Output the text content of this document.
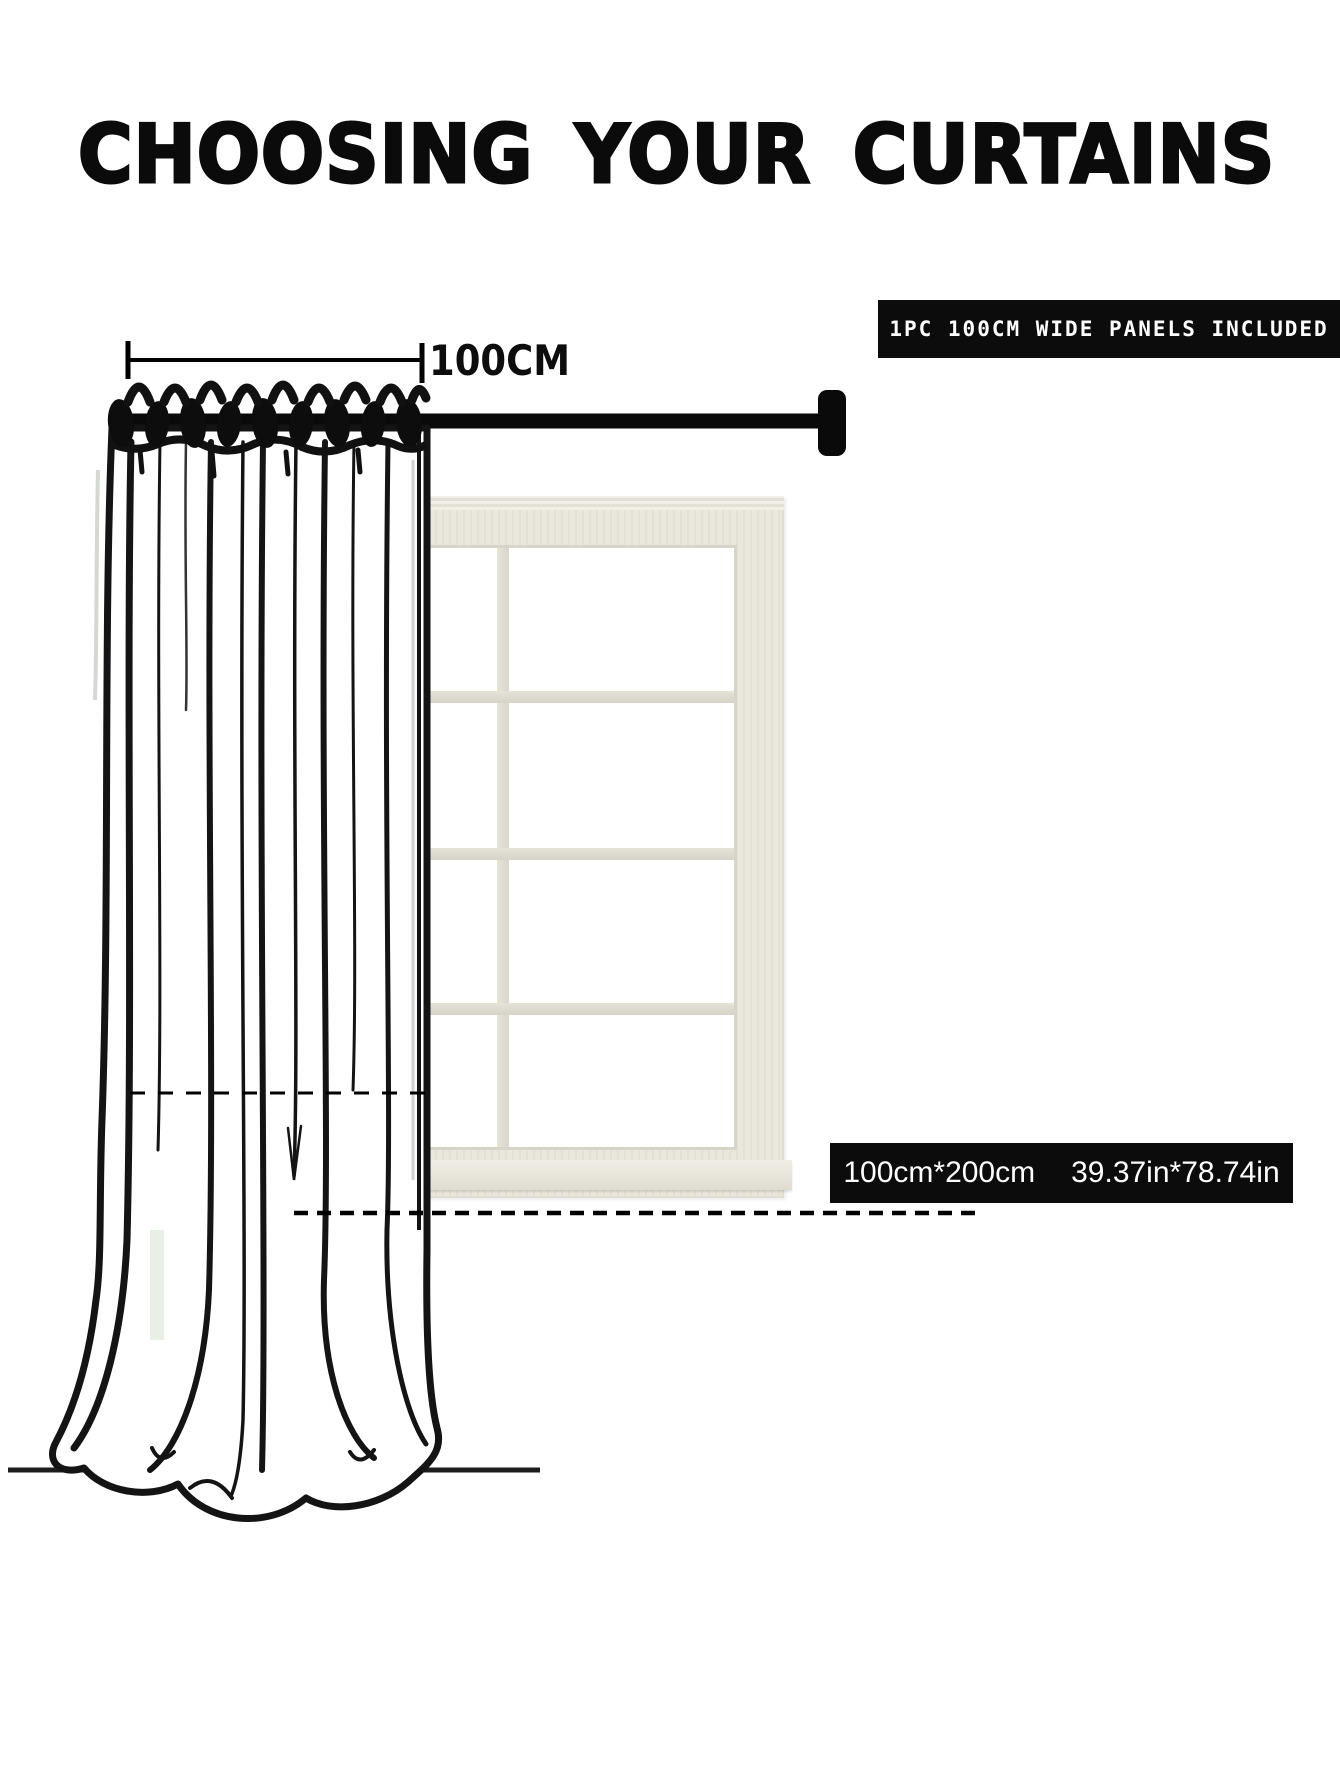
CHOOSING YOUR CURTAINS
1PC 100CM WIDE PANELS INCLUDED
100CM
100cm*200cm 39.37in*78.74in
